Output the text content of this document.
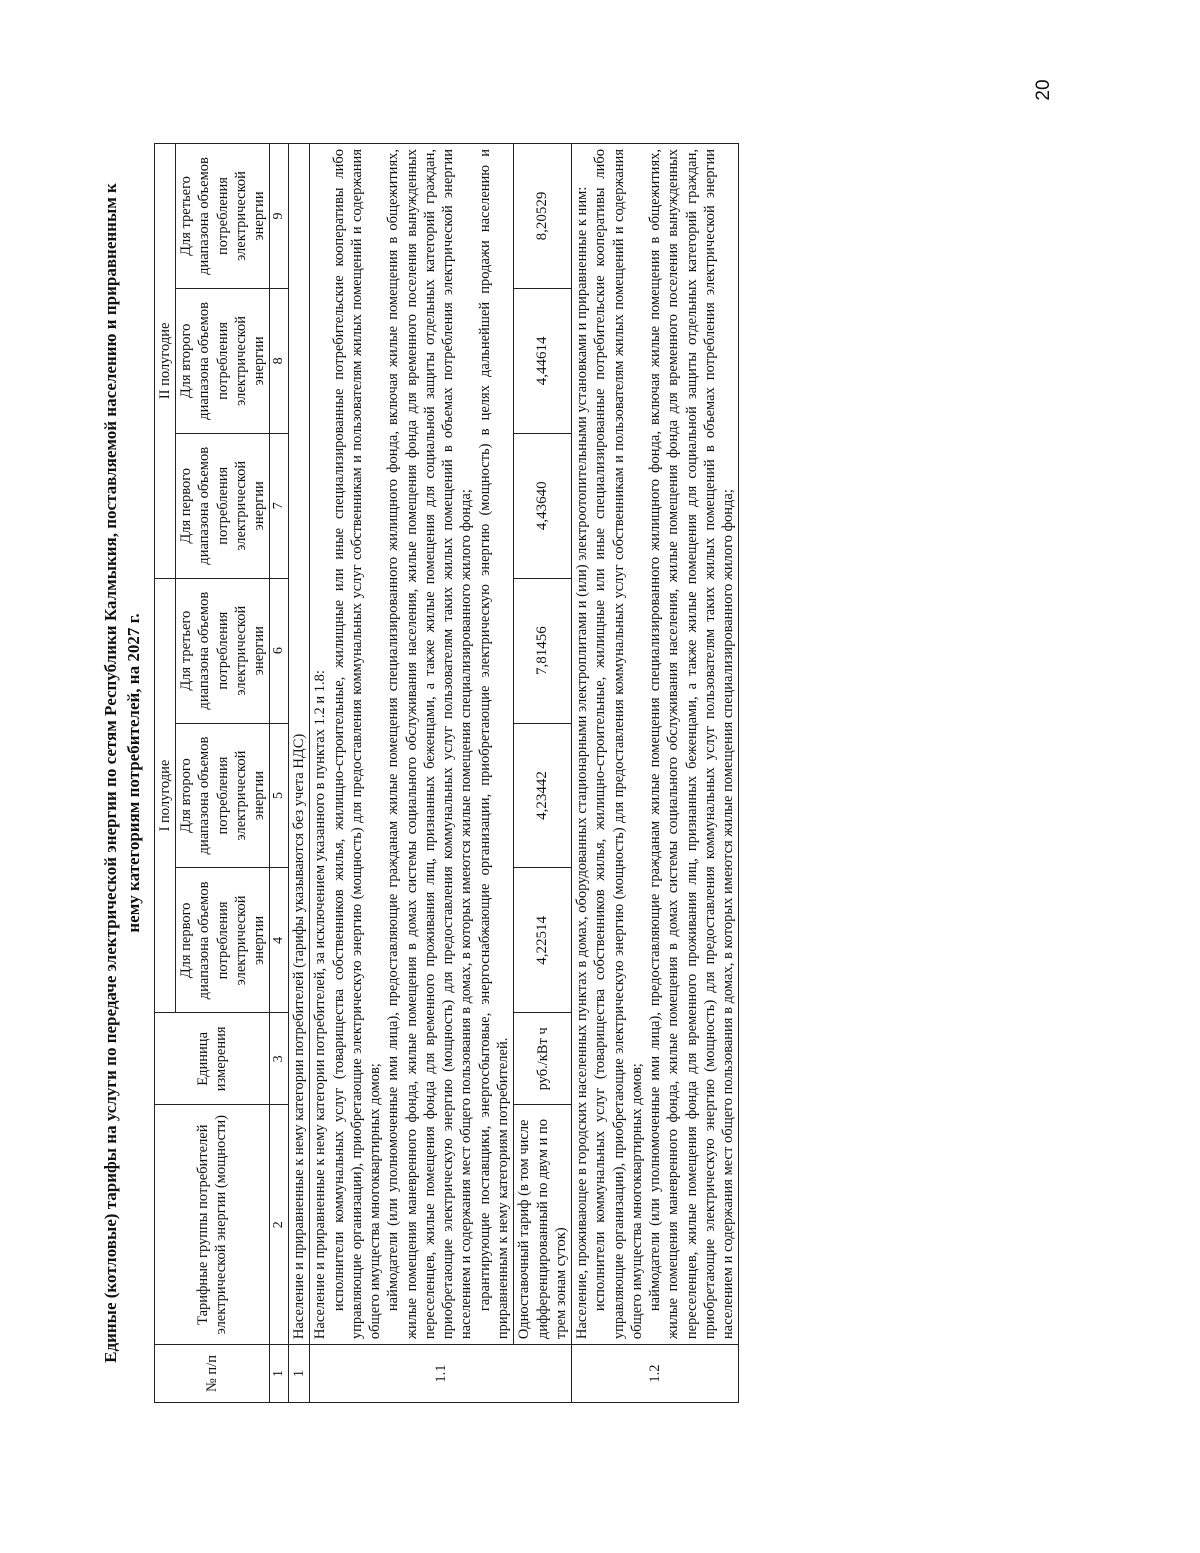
20
Единые (котловые) тарифы на услуги по передаче электрической энергии по сетям Республики Калмыкия, поставляемой населению и приравненным к нему категориям потребителей, на 2027 г.
№ п/п	Тарифные группы потребителей электрической энергии (мощности)	Единица измерения	I полугодие			II полугодие		
			Для первого диапазона объемов потребления электрической энергии	Для второго диапазона объемов потребления электрической энергии	Для третьего диапазона объемов потребления электрической энергии	Для первого диапазона объемов потребления электрической энергии	Для второго диапазона объемов потребления электрической энергии	Для третьего диапазона объемов потребления электрической энергии
1	2	3	4	5	6	7	8	9
1	Население и приравненные к нему категории потребителей (тарифы указываются без учета НДС)							
1.1	Население и приравненные к нему категории потребителей, за исключением указанного в пунктах 1.2 и 1.8: исполнители коммунальных услуг (товарищества собственников жилья, жилищно-строительные, жилищные или иные специализированные потребительские кооперативы либо управляющие организации), приобретающие электрическую энергию (мощность) для предоставления коммунальных услуг собственникам и пользователям жилых помещений и содержания общего имущества многоквартирных домов; наймодатели (или уполномоченные ими лица), предоставляющие гражданам жилые помещения специализированного жилищного фонда, включая жилые помещения в общежитиях, жилые помещения маневренного фонда, жилые помещения в домах системы социального обслуживания населения, жилые помещения фонда для временного поселения вынужденных переселенцев, жилые помещения фонда для временного проживания лиц, признанных беженцами, а также жилые помещения для социальной защиты отдельных категорий граждан, приобретающие электрическую энергию (мощность) для предоставления коммунальных услуг пользователям таких жилых помещений в объемах потребления электрической энергии населением и содержания мест общего пользования в домах, в которых имеются жилые помещения специализированного жилого фонда; гарантирующие поставщики, энергосбытовые, энергоснабжающие организации, приобретающие электрическую энергию (мощность) в целях дальнейшей продажи населению и приравненным к нему категориям потребителей.							

	Одноставочный тариф (в том числе дифференцированный по двум и по трем зонам суток)	руб./кВт ч	4,22514	4,23442	7,81456	4,43640	4,44614	8,20529
1.2	Население, проживающее в городских населенных пунктах в домах, оборудованных стационарными электроплитами и (или) электроотопительными установками и приравненные к ним: исполнители коммунальных услуг (товарищества собственников жилья, жилищно-строительные, жилищные или иные специализированные потребительские кооперативы либо управляющие организации), приобретающие электрическую энергию (мощность) для предоставления коммунальных услуг собственникам и пользователям жилых помещений и содержания общего имущества многоквартирных домов; наймодатели (или уполномоченные ими лица), предоставляющие гражданам жилые помещения специализированного жилищного фонда, включая жилые помещения в общежитиях, жилые помещения маневренного фонда, жилые помещения в домах системы социального обслуживания населения, жилые помещения фонда для временного поселения вынужденных переселенцев, жилые помещения фонда для временного проживания лиц, признанных беженцами, а также жилые помещения для социальной защиты отдельных категорий граждан, приобретающие электрическую энергию (мощность) для предоставления коммунальных услуг пользователям таких жилых помещений в объемах потребления электрической энергии населением и содержания мест общего пользования в домах, в которых имеются жилые помещения специализированного жилого фонда;							
